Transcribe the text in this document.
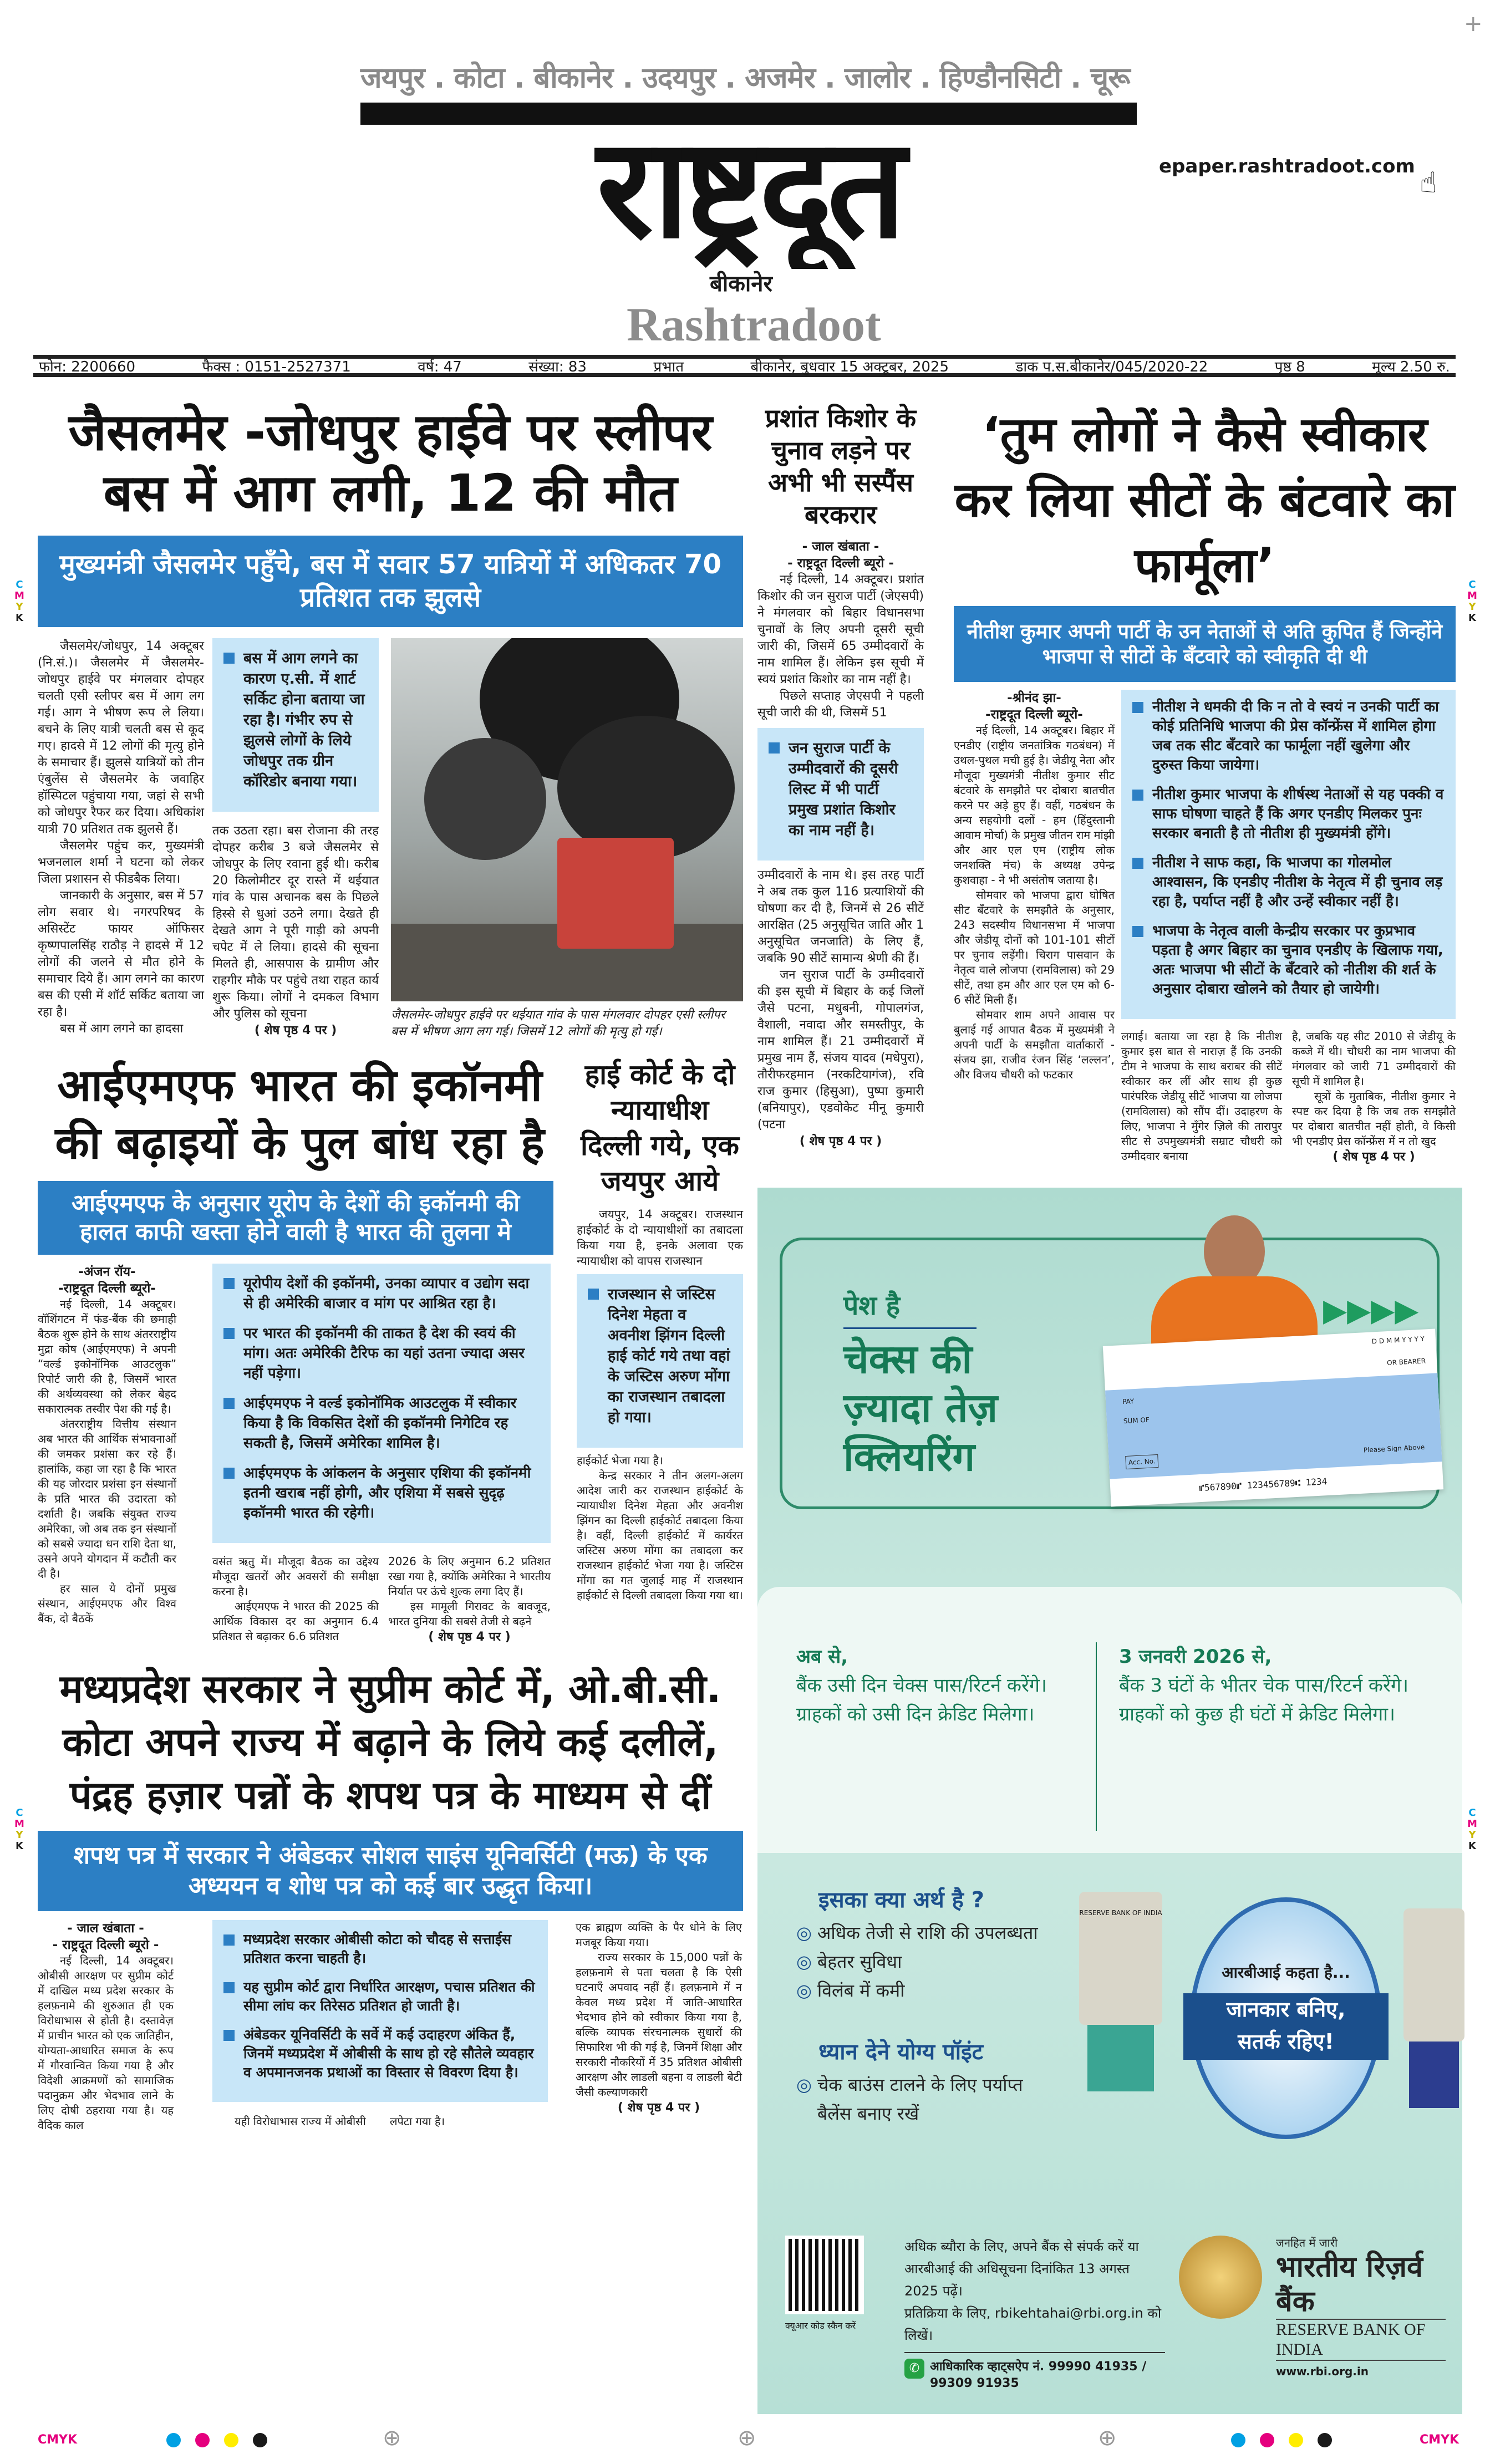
जयपुर . कोटा . बीकानेर . उदयपुर . अजमेर . जालोर . हिण्डौनसिटी . चूरू
राष्ट्रदूत
बीकानेर
Rashtradoot
epaper.rashtradoot.com ☝
फोन: 2200660	फैक्स : 0151-2527371	वर्ष: 47	संख्या: 83	प्रभात	बीकानेर, बुधवार 15 अक्टूबर, 2025	डाक प.स.बीकानेर/045/2020-22	पृष्ठ 8	मूल्य 2.50 रु.
जैसलमेर -जोधपुर हाईवे पर स्लीपर बस में आग लगी, 12 की मौत
मुख्यमंत्री जैसलमेर पहुँचे, बस में सवार 57 यात्रियों में अधिकतर 70 प्रतिशत तक झुलसे

जैसलमेर/जोधपुर, 14 अक्टूबर (नि.सं.)। जैसलमेर में जैसलमेर-जोधपुर हाईवे पर मंगलवार दोपहर चलती एसी स्लीपर बस में आग लग गई। आग ने भीषण रूप ले लिया। बचने के लिए यात्री चलती बस से कूद गए। हादसे में 12 लोगों की मृत्यु होने के समाचार हैं। झुलसे यात्रियों को तीन एंबुलेंस से जैसलमेर के जवाहिर हॉस्पिटल पहुंचाया गया, जहां से सभी को जोधपुर रैफर कर दिया। अधिकांश यात्री 70 प्रतिशत तक झुलसे हैं।

जैसलमेर पहुंच कर, मुख्यमंत्री भजनलाल शर्मा ने घटना को लेकर जिला प्रशासन से फीडबैक लिया।

जानकारी के अनुसार, बस में 57 लोग सवार थे। नगरपरिषद के असिस्टेंट फायर ऑफिसर कृष्णपालसिंह राठौड़ ने हादसे में 12 लोगों की जलने से मौत होने के समाचार दिये हैं। आग लगने का कारण बस की एसी में शॉर्ट सर्किट बताया जा रहा है।

बस में आग लगने का हादसा

बस में आग लगने का कारण ए.सी. में शार्ट सर्किट होना बताया जा रहा है। गंभीर रुप से झुलसे लोगों के लिये जोधपुर तक ग्रीन कॉरिडोर बनाया गया।

तक उठता रहा। बस रोजाना की तरह दोपहर करीब 3 बजे जैसलमेर से जोधपुर के लिए रवाना हुई थी। करीब 20 किलोमीटर दूर रास्ते में थईयात गांव के पास अचानक बस के पिछले हिस्से से धुआं उठने लगा। देखते ही देखते आग ने पूरी गाड़ी को अपनी चपेट में ले लिया। हादसे की सूचना मिलते ही, आसपास के ग्रामीण और राहगीर मौके पर पहुंचे तथा राहत कार्य शुरू किया। लोगों ने दमकल विभाग और पुलिस को सूचना

( शेष पृष्ठ 4 पर )
जैसलमेर-जोधपुर हाईवे पर थईयात गांव के पास मंगलवार दोपहर एसी स्लीपर बस में भीषण आग लग गई। जिसमें 12 लोगों की मृत्यु हो गई।
आईएमएफ भारत की इकॉनमी की बढ़ाइयों के पुल बांध रहा है
आईएमएफ के अनुसार यूरोप के देशों की इकॉनमी की हालत काफी खस्ता होने वाली है भारत की तुलना मे
-अंजन रॉय-
-राष्ट्रदूत दिल्ली ब्यूरो-

नई दिल्ली, 14 अक्टूबर। वॉशिंगटन में फंड-बैंक की छमाही बैठक शुरू होने के साथ अंतरराष्ट्रीय मुद्रा कोष (आईएमएफ) ने अपनी “वर्ल्ड इकोनॉमिक आउटलुक” रिपोर्ट जारी की है, जिसमें भारत की अर्थव्यवस्था को लेकर बेहद सकारात्मक तस्वीर पेश की गई है।

अंतरराष्ट्रीय वित्तीय संस्थान अब भारत की आर्थिक संभावनाओं की जमकर प्रशंसा कर रहे हैं। हालांकि, कहा जा रहा है कि भारत की यह जोरदार प्रशंसा इन संस्थानों के प्रति भारत की उदारता को दर्शाती है। जबकि संयुक्त राज्य अमेरिका, जो अब तक इन संस्थानों को सबसे ज्यादा धन राशि देता था, उसने अपने योगदान में कटौती कर दी है।

हर साल ये दोनों प्रमुख संस्थान, आईएमएफ और विश्व बैंक, दो बैठकें

यूरोपीय देशों की इकॉनमी, उनका व्यापार व उद्योग सदा से ही अमेरिकी बाजार व मांग पर आश्रित रहा है।
पर भारत की इकॉनमी की ताकत है देश की स्वयं की मांग। अतः अमेरिकी टैरिफ का यहां उतना ज्यादा असर नहीं पड़ेगा।
आईएमएफ ने वर्ल्ड इकोनॉमिक आउटलुक में स्वीकार किया है कि विकसित देशों की इकॉनमी निगेटिव रह सकती है, जिसमें अमेरिका शामिल है।
आईएमएफ के आंकलन के अनुसार एशिया की इकॉनमी इतनी खराब नहीं होगी, और एशिया में सबसे सुदृढ़ इकॉनमी भारत की रहेगी।

वसंत ऋतु में। मौजूदा बैठक का उद्देश्य मौजूदा खतरों और अवसरों की समीक्षा करना है।

आईएमएफ ने भारत की 2025 की आर्थिक विकास दर का अनुमान 6.4 प्रतिशत से बढ़ाकर 6.6 प्रतिशत

2026 के लिए अनुमान 6.2 प्रतिशत रखा गया है, क्योंकि अमेरिका ने भारतीय निर्यात पर ऊंचे शुल्क लगा दिए हैं।

इस मामूली गिरावट के बावजूद, भारत दुनिया की सबसे तेजी से बढ़ने

( शेष पृष्ठ 4 पर )
हाई कोर्ट के दो न्यायाधीश दिल्ली गये, एक जयपुर आये

जयपुर, 14 अक्टूबर। राजस्थान हाईकोर्ट के दो न्यायाधीशों का तबादला किया गया है, इनके अलावा एक न्यायाधीश को वापस राजस्थान

राजस्थान से जस्टिस दिनेश मेहता व अवनीश झिंगन दिल्ली हाई कोर्ट गये तथा वहां के जस्टिस अरुण मोंगा का राजस्थान तबादला हो गया।

हाईकोर्ट भेजा गया है।

केन्द्र सरकार ने तीन अलग-अलग आदेश जारी कर राजस्थान हाईकोर्ट के न्यायाधीश दिनेश मेहता और अवनीश झिंगन का दिल्ली हाईकोर्ट तबादला किया है। वहीं, दिल्ली हाईकोर्ट में कार्यरत जस्टिस अरुण मोंगा का तबादला कर राजस्थान हाईकोर्ट भेजा गया है। जस्टिस मोंगा का गत जुलाई माह में राजस्थान हाईकोर्ट से दिल्ली तबादला किया गया था।

मध्यप्रदेश सरकार ने सुप्रीम कोर्ट में, ओ.बी.सी. कोटा अपने राज्य में बढ़ाने के लिये कई दलीलें, पंद्रह हज़ार पन्नों के शपथ पत्र के माध्यम से दीं
शपथ पत्र में सरकार ने अंबेडकर सोशल साइंस यूनिवर्सिटी (मऊ) के एक अध्ययन व शोध पत्र को कई बार उद्धृत किया।
- जाल खंबाता -
- राष्ट्रदूत दिल्ली ब्यूरो -

नई दिल्ली, 14 अक्टूबर। ओबीसी आरक्षण पर सुप्रीम कोर्ट में दाखिल मध्य प्रदेश सरकार के हलफ़नामे की शुरुआत ही एक विरोधाभास से होती है। दस्तावेज़ में प्राचीन भारत को एक जातिहीन, योग्यता-आधारित समाज के रूप में गौरवान्वित किया गया है और विदेशी आक्रमणों को सामाजिक पदानुक्रम और भेदभाव लाने के लिए दोषी ठहराया गया है। यह वैदिक काल

मध्यप्रदेश सरकार ओबीसी कोटा को चौदह से सत्ताईस प्रतिशत करना चाहती है।
यह सुप्रीम कोर्ट द्वारा निर्धारित आरक्षण, पचास प्रतिशत की सीमा लांघ कर तिरेसठ प्रतिशत हो जाती है।
अंबेडकर यूनिवर्सिटी के सर्वे में कई उदाहरण अंकित हैं, जिनमें मध्यप्रदेश में ओबीसी के साथ हो रहे सौतेले व्यवहार व अपमानजनक प्रथाओं का विस्तार से विवरण दिया है।

यही विरोधाभास राज्य में ओबीसी	लपेटा गया है।

एक ब्राह्मण व्यक्ति के पैर धोने के लिए मजबूर किया गया।

राज्य सरकार के 15,000 पन्नों के हलफ़नामे से पता चलता है कि ऐसी घटनाएँ अपवाद नहीं हैं। हलफ़नामे में न केवल मध्य प्रदेश में जाति-आधारित भेदभाव होने को स्वीकार किया गया है, बल्कि व्यापक संरचनात्मक सुधारों की सिफारिश भी की गई है, जिनमें शिक्षा और सरकारी नौकरियों में 35 प्रतिशत ओबीसी आरक्षण और लाडली बहना व लाडली बेटी जैसी कल्याणकारी

( शेष पृष्ठ 4 पर )
प्रशांत किशोर के चुनाव लड़ने पर अभी भी सस्पैंस बरकरार
- जाल खंबाता -
- राष्ट्रदूत दिल्ली ब्यूरो -

नई दिल्ली, 14 अक्टूबर। प्रशांत किशोर की जन सुराज पार्टी (जेएसपी) ने मंगलवार को बिहार विधानसभा चुनावों के लिए अपनी दूसरी सूची जारी की, जिसमें 65 उम्मीदवारों के नाम शामिल हैं। लेकिन इस सूची में स्वयं प्रशांत किशोर का नाम नहीं है।

पिछले सप्ताह जेएसपी ने पहली सूची जारी की थी, जिसमें 51

जन सुराज पार्टी के उम्मीदवारों की दूसरी लिस्ट में भी पार्टी प्रमुख प्रशांत किशोर का नाम नहीं है।

उम्मीदवारों के नाम थे। इस तरह पार्टी ने अब तक कुल 116 प्रत्याशियों की घोषणा कर दी है, जिनमें से 26 सीटें आरक्षित (25 अनुसूचित जाति और 1 अनुसूचित जनजाति) के लिए हैं, जबकि 90 सीटें सामान्य श्रेणी की हैं।

जन सुराज पार्टी के उम्मीदवारों की इस सूची में बिहार के कई जिलों जैसे पटना, मधुबनी, गोपालगंज, वैशाली, नवादा और समस्तीपुर, के नाम शामिल हैं। 21 उम्मीदवारों में प्रमुख नाम हैं, संजय यादव (मधेपुरा), तौरीफरहमान (नरकटियागंज), रवि राज कुमार (हिसुआ), पुष्पा कुमारी (बनियापुर), एडवोकेट मीनू कुमारी (पटना

( शेष पृष्ठ 4 पर )
‘तुम लोगों ने कैसे स्वीकार कर लिया सीटों के बंटवारे का फार्मूला’
नीतीश कुमार अपनी पार्टी के उन नेताओं से अति कुपित हैं जिन्होंने भाजपा से सीटों के बँटवारे को स्वीकृति दी थी
-श्रीनंद झा-
-राष्ट्रदूत दिल्ली ब्यूरो-

नई दिल्ली, 14 अक्टूबर। बिहार में एनडीए (राष्ट्रीय जनतांत्रिक गठबंधन) में उथल-पुथल मची हुई है। जेडीयू नेता और मौजूदा मुख्यमंत्री नीतीश कुमार सीट बंटवारे के समझौते पर दोबारा बातचीत करने पर अड़े हुए हैं। वहीं, गठबंधन के अन्य सहयोगी दलों - हम (हिंदुस्तानी आवाम मोर्चा) के प्रमुख जीतन राम मांझी और आर एल एम (राष्ट्रीय लोक जनशक्ति मंच) के अध्यक्ष उपेन्द्र कुशवाहा - ने भी असंतोष जताया है।

सोमवार को भाजपा द्वारा घोषित सीट बँटवारे के समझौते के अनुसार, 243 सदस्यीय विधानसभा में भाजपा और जेडीयू दोनों को 101-101 सीटों पर चुनाव लड़ेंगी। चिराग पासवान के नेतृत्व वाले लोजपा (रामविलास) को 29 सीटें, तथा हम और आर एल एम को 6-6 सीटें मिली हैं।

सोमवार शाम अपने आवास पर बुलाई गई आपात बैठक में मुख्यमंत्री ने अपनी पार्टी के समझौता वार्ताकारों - संजय झा, राजीव रंजन सिंह ‘लल्लन’, और विजय चौधरी को फटकार

नीतीश ने धमकी दी कि न तो वे स्वयं न उनकी पार्टी का कोई प्रतिनिधि भाजपा की प्रेस कॉन्फ्रेंस में शामिल होगा जब तक सीट बँटवारे का फार्मूला नहीं खुलेगा और दुरुस्त किया जायेगा।
नीतीश कुमार भाजपा के शीर्षस्थ नेताओं से यह पक्की व साफ घोषणा चाहते हैं कि अगर एनडीए मिलकर पुनः सरकार बनाती है तो नीतीश ही मुख्यमंत्री होंगे।
नीतीश ने साफ कहा, कि भाजपा का गोलमोल आश्वासन, कि एनडीए नीतीश के नेतृत्व में ही चुनाव लड़ रहा है, पर्याप्त नहीं है और उन्हें स्वीकार नहीं है।
भाजपा के नेतृत्व वाली केन्द्रीय सरकार पर कुप्रभाव पड़ता है अगर बिहार का चुनाव एनडीए के खिलाफ गया, अतः भाजपा भी सीटों के बँटवारे को नीतीश की शर्त के अनुसार दोबारा खोलने को तैयार हो जायेगी।

लगाई। बताया जा रहा है कि नीतीश कुमार इस बात से नाराज़ हैं कि उनकी टीम ने भाजपा के साथ बराबर की सीटें स्वीकार कर लीं और साथ ही कुछ पारंपरिक जेडीयू सीटें भाजपा या लोजपा (रामविलास) को सौंप दीं। उदाहरण के लिए, भाजपा ने मुँगेर ज़िले की तारापुर सीट से उपमुख्यमंत्री सम्राट चौधरी को उम्मीदवार बनाया

है, जबकि यह सीट 2010 से जेडीयू के कब्जे में थी। चौधरी का नाम भाजपा की मंगलवार को जारी 71 उम्मीदवारों की सूची में शामिल है।

सूत्रों के मुताबिक, नीतीश कुमार ने स्पष्ट कर दिया है कि जब तक समझौते पर दोबारा बातचीत नहीं होती, वे किसी भी एनडीए प्रेस कॉन्फ्रेंस में न तो खुद

( शेष पृष्ठ 4 पर )
पेश है
चेक्स की
ज़्यादा तेज़
क्लियरिंग
▶▶▶▶
D D M M Y Y Y Y
OR BEARER
PAY
SUM OF
Acc. No.
Please Sign Above
⑈567890⑈ 123456789⑆ 1234
अब से,
बैंक उसी दिन चेक्स पास/रिटर्न करेंगे।
ग्राहकों को उसी दिन क्रेडिट मिलेगा।
3 जनवरी 2026 से,
बैंक 3 घंटों के भीतर चेक पास/रिटर्न करेंगे।
ग्राहकों को कुछ ही घंटों में क्रेडिट मिलेगा।
इसका क्या अर्थ है ?
◎ अधिक तेजी से राशि की उपलब्धता
◎ बेहतर सुविधा
◎ विलंब में कमी
ध्यान देने योग्य पॉइंट
◎ चेक बाउंस टालने के लिए पर्याप्त बैलेंस बनाए रखें
RESERVE BANK OF INDIA
आरबीआई कहता है...
जानकार बनिए,
सतर्क रहिए!
क्यूआर कोड स्कैन करें
अधिक ब्यौरा के लिए, अपने बैंक से संपर्क करें या
आरबीआई की अधिसूचना दिनांकित 13 अगस्त 2025 पढ़ें।
प्रतिक्रिया के लिए, rbikehtahai@rbi.org.in को लिखें।
✆ आधिकारिक व्हाट्सऐप नं. 99990 41935 / 99309 91935
जनहित में जारी
भारतीय रिज़र्व बैंक
RESERVE BANK OF INDIA
www.rbi.org.in
C
M
Y
K
C
M
Y
K
C
M
Y
K
C
M
Y
K
+
CMYK	⊕	⊕	⊕	CMYK
